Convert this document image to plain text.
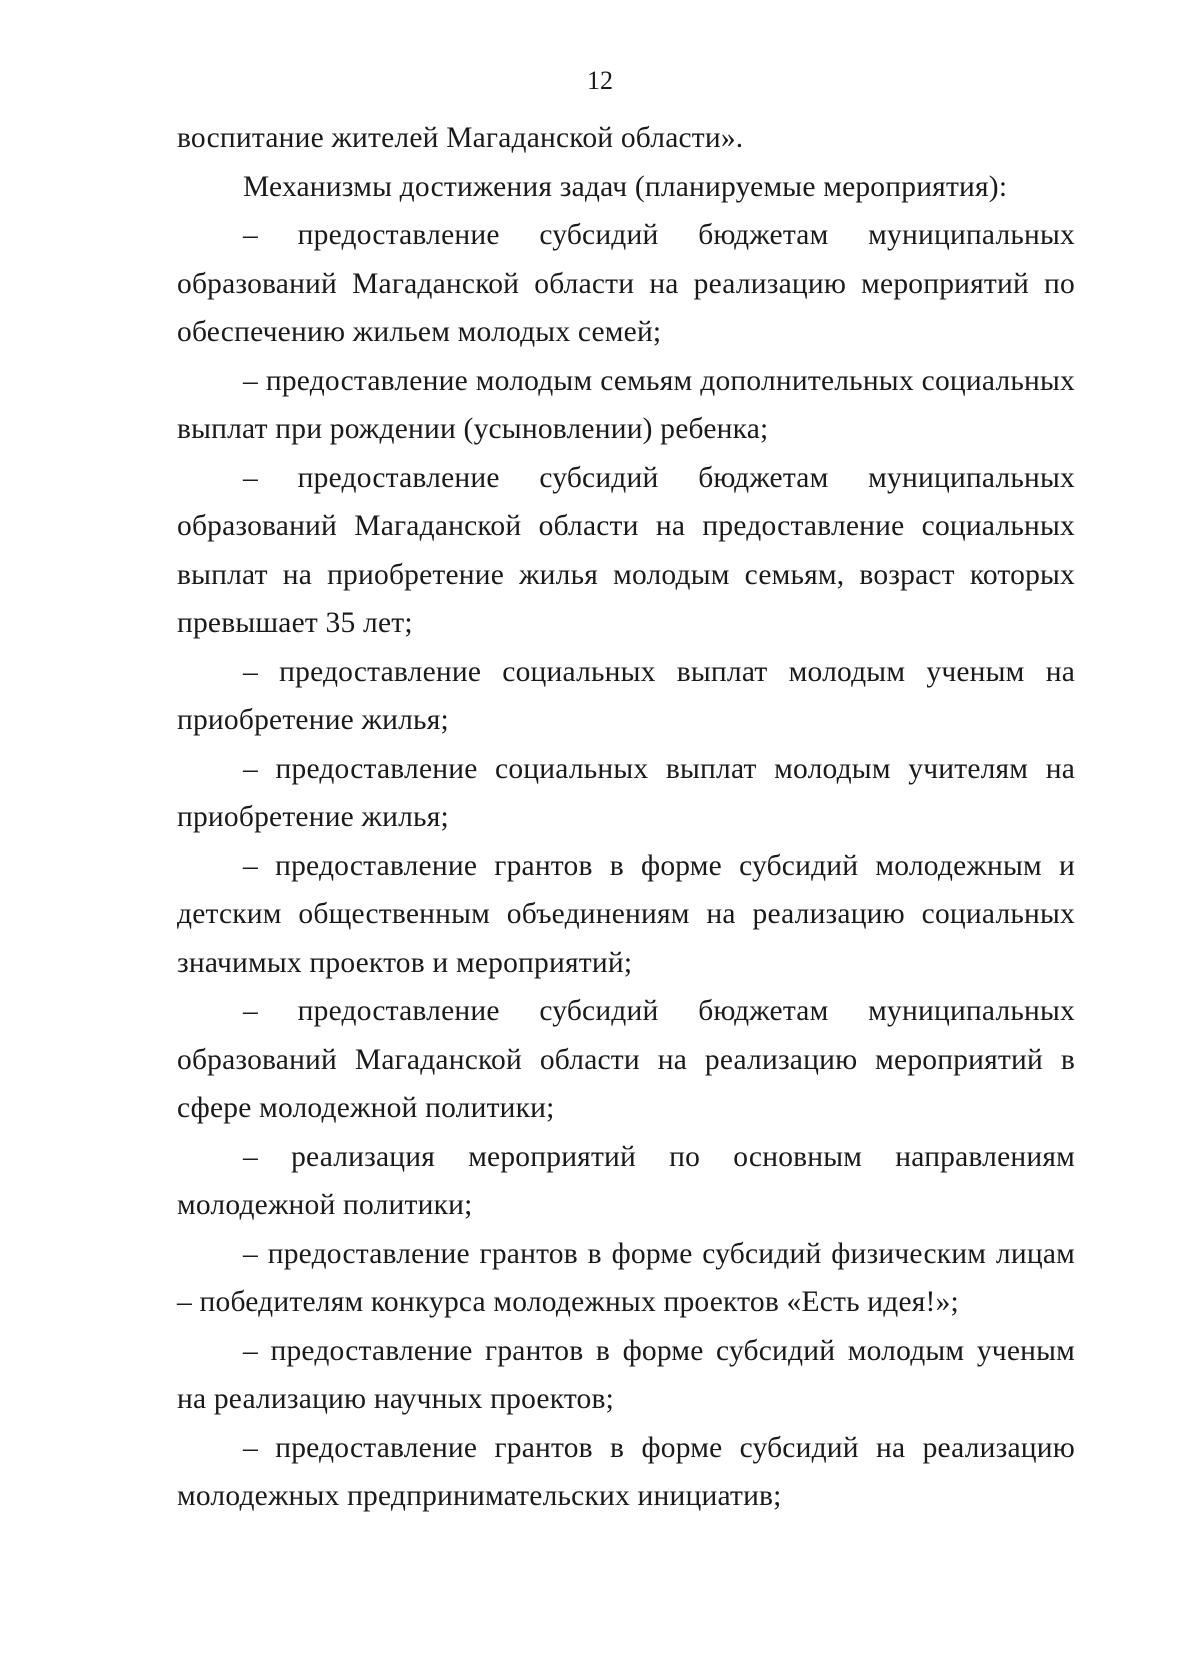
12

воспитание жителей Магаданской области».

Механизмы достижения задач (планируемые мероприятия):

– предоставление субсидий бюджетам муниципальных образований Магаданской области на реализацию мероприятий по обеспечению жильем молодых семей;

– предоставление молодым семьям дополнительных социальных выплат при рождении (усыновлении) ребенка;

– предоставление субсидий бюджетам муниципальных образований Магаданской области на предоставление социальных выплат на приобретение жилья молодым семьям, возраст которых превышает 35 лет;

– предоставление социальных выплат молодым ученым на приобретение жилья;

– предоставление социальных выплат молодым учителям на приобретение жилья;

– предоставление грантов в форме субсидий молодежным и детским общественным объединениям на реализацию социальных значимых проектов и мероприятий;

– предоставление субсидий бюджетам муниципальных образований Магаданской области на реализацию мероприятий в сфере молодежной политики;

– реализация мероприятий по основным направлениям молодежной политики;

– предоставление грантов в форме субсидий физическим лицам – победителям конкурса молодежных проектов «Есть идея!»;

– предоставление грантов в форме субсидий молодым ученым на реализацию научных проектов;

– предоставление грантов в форме субсидий на реализацию молодежных предпринимательских инициатив;
